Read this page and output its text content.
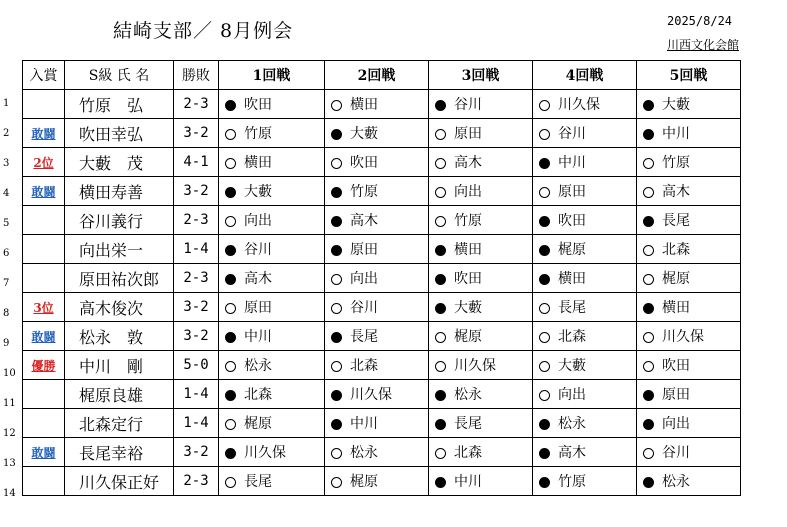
結崎支部／ 8月例会	2025/8/24
川西文化会館
入賞	S級 氏 名	勝敗	1回戦	2回戦	3回戦	4回戦	5回戦
	竹原　弘	2-3	吹田	横田	谷川	川久保	大藪
敢闘	吹田幸弘	3-2	竹原	大藪	原田	谷川	中川
2位	大藪　茂	4-1	横田	吹田	高木	中川	竹原
敢闘	横田寿善	3-2	大藪	竹原	向出	原田	高木
	谷川義行	2-3	向出	高木	竹原	吹田	長尾
	向出栄一	1-4	谷川	原田	横田	梶原	北森
	原田祐次郎	2-3	高木	向出	吹田	横田	梶原
3位	高木俊次	3-2	原田	谷川	大藪	長尾	横田
敢闘	松永　敦	3-2	中川	長尾	梶原	北森	川久保
優勝	中川　剛	5-0	松永	北森	川久保	大藪	吹田
	梶原良雄	1-4	北森	川久保	松永	向出	原田
	北森定行	1-4	梶原	中川	長尾	松永	向出
敢闘	長尾幸裕	3-2	川久保	松永	北森	高木	谷川
	川久保正好	2-3	長尾	梶原	中川	竹原	松永
1
2
3
4
5
6
7
8
9
10
11
12
13
14
